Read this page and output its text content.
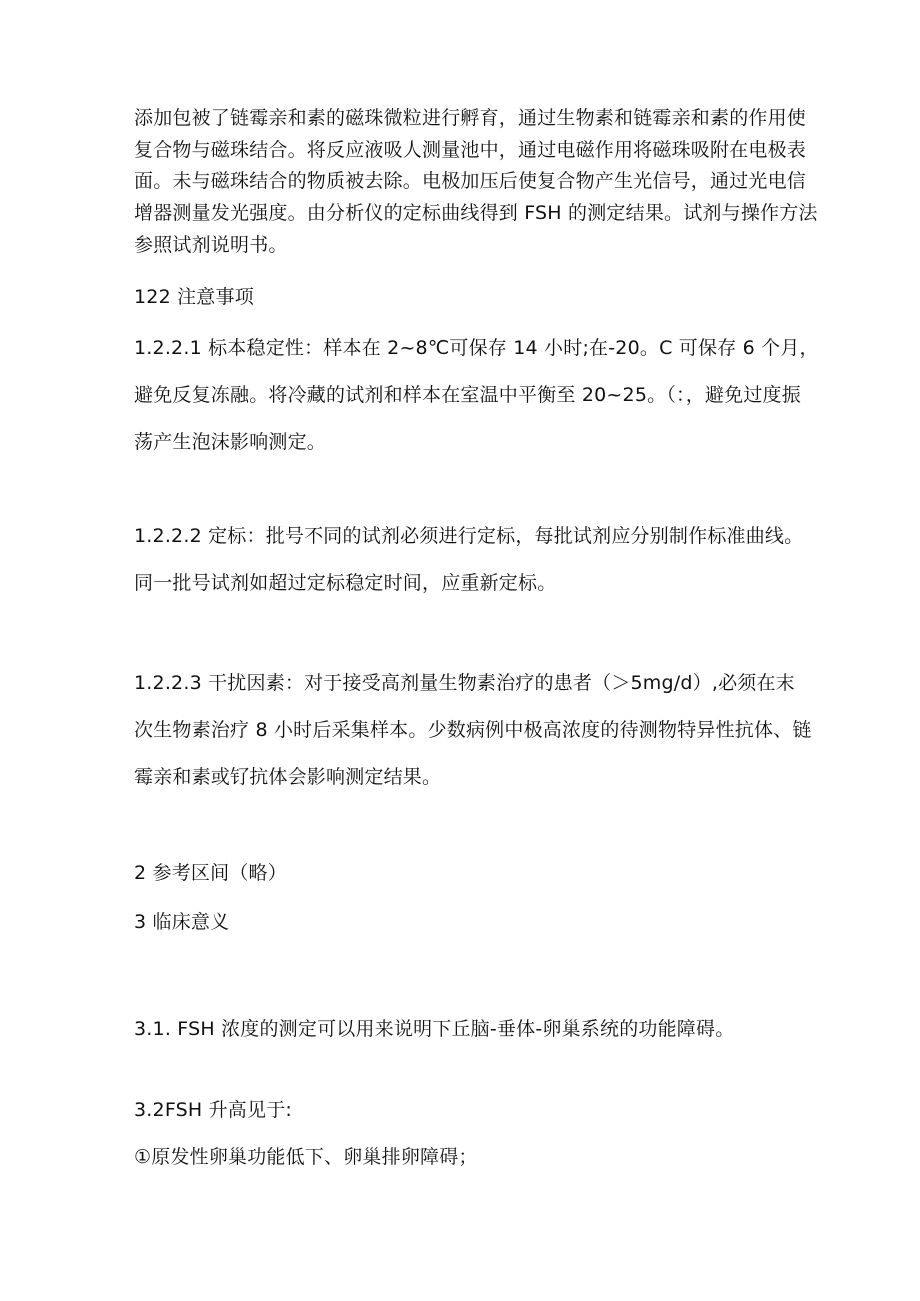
添加包被了链霉亲和素的磁珠微粒进行孵育，通过生物素和链霉亲和素的作用使
复合物与磁珠结合。将反应液吸人测量池中，通过电磁作用将磁珠吸附在电极表
面。未与磁珠结合的物质被去除。电极加压后使复合物产生光信号，通过光电信
增器测量发光强度。由分析仪的定标曲线得到 FSH 的测定结果。试剂与操作方法
参照试剂说明书。

122 注意事项

1.2.2.1 标本稳定性：样本在 2~8℃可保存 14 小时;在-20。C 可保存 6 个月，
避免反复冻融。将冷藏的试剂和样本在室温中平衡至 20~25。（：，避免过度振
荡产生泡沫影响测定。

1.2.2.2 定标：批号不同的试剂必须进行定标，每批试剂应分别制作标准曲线。
同一批号试剂如超过定标稳定时间，应重新定标。

1.2.2.3 干扰因素：对于接受高剂量生物素治疗的患者（＞5mg/d）,必须在末
次生物素治疗 8 小时后采集样本。少数病例中极高浓度的待测物特异性抗体、链
霉亲和素或钌抗体会影响测定结果。

2 参考区间（略）

3 临床意义

3.1. FSH 浓度的测定可以用来说明下丘脑-垂体-卵巢系统的功能障碍。

3.2FSH 升高见于:

①原发性卵巢功能低下、卵巢排卵障碍；
